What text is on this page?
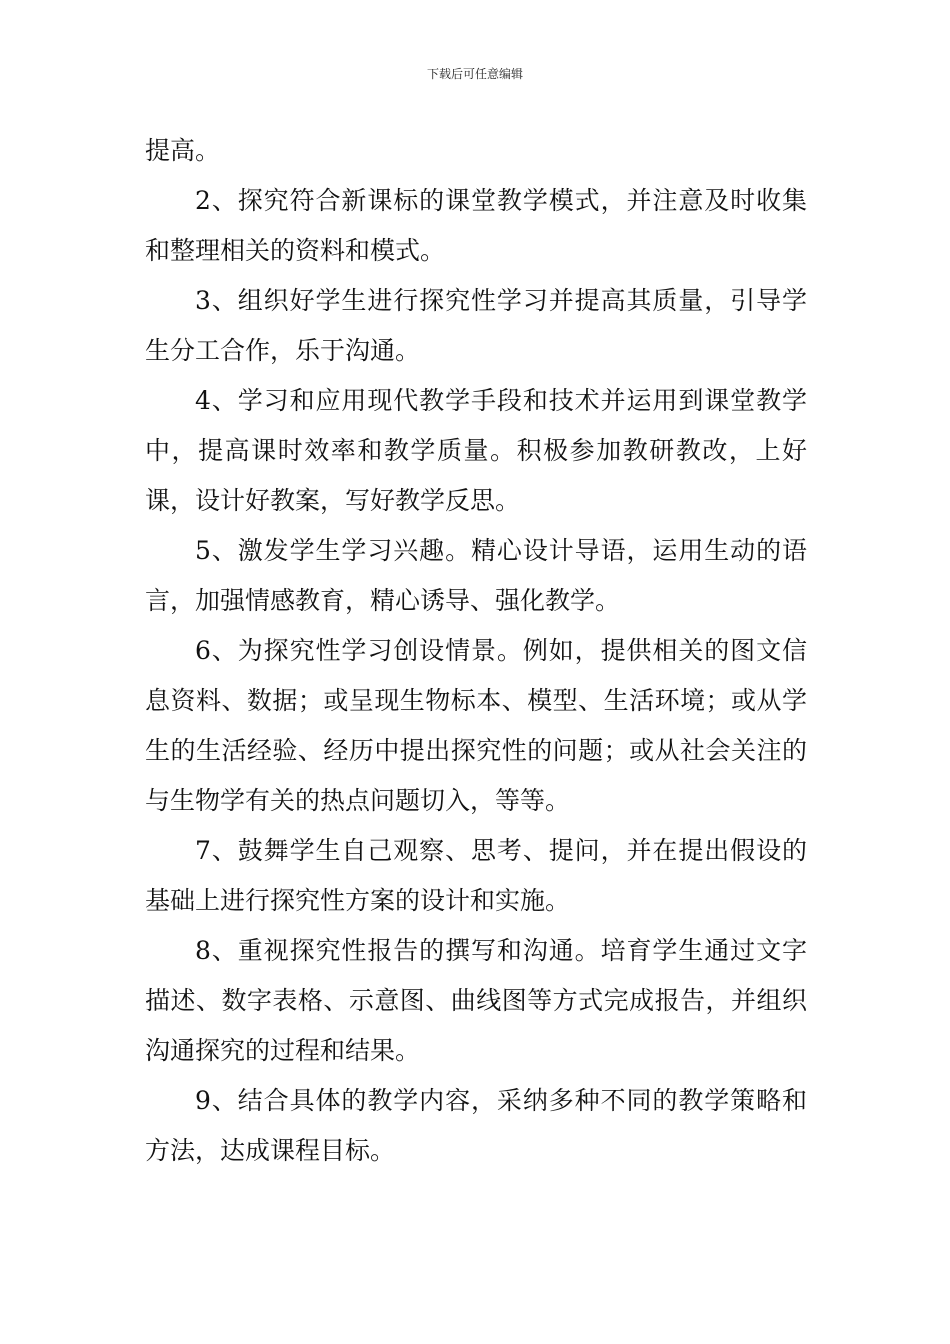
下载后可任意编辑

提高。

2、探究符合新课标的课堂教学模式，并注意及时收集和整理相关的资料和模式。

3、组织好学生进行探究性学习并提高其质量，引导学生分工合作，乐于沟通。

4、学习和应用现代教学手段和技术并运用到课堂教学中，提高课时效率和教学质量。积极参加教研教改，上好课，设计好教案，写好教学反思。

5、激发学生学习兴趣。精心设计导语，运用生动的语言，加强情感教育，精心诱导、强化教学。

6、为探究性学习创设情景。例如，提供相关的图文信息资料、数据；或呈现生物标本、模型、生活环境；或从学生的生活经验、经历中提出探究性的问题；或从社会关注的与生物学有关的热点问题切入，等等。

7、鼓舞学生自己观察、思考、提问，并在提出假设的基础上进行探究性方案的设计和实施。

8、重视探究性报告的撰写和沟通。培育学生通过文字描述、数字表格、示意图、曲线图等方式完成报告，并组织沟通探究的过程和结果。

9、结合具体的教学内容，采纳多种不同的教学策略和方法，达成课程目标。
